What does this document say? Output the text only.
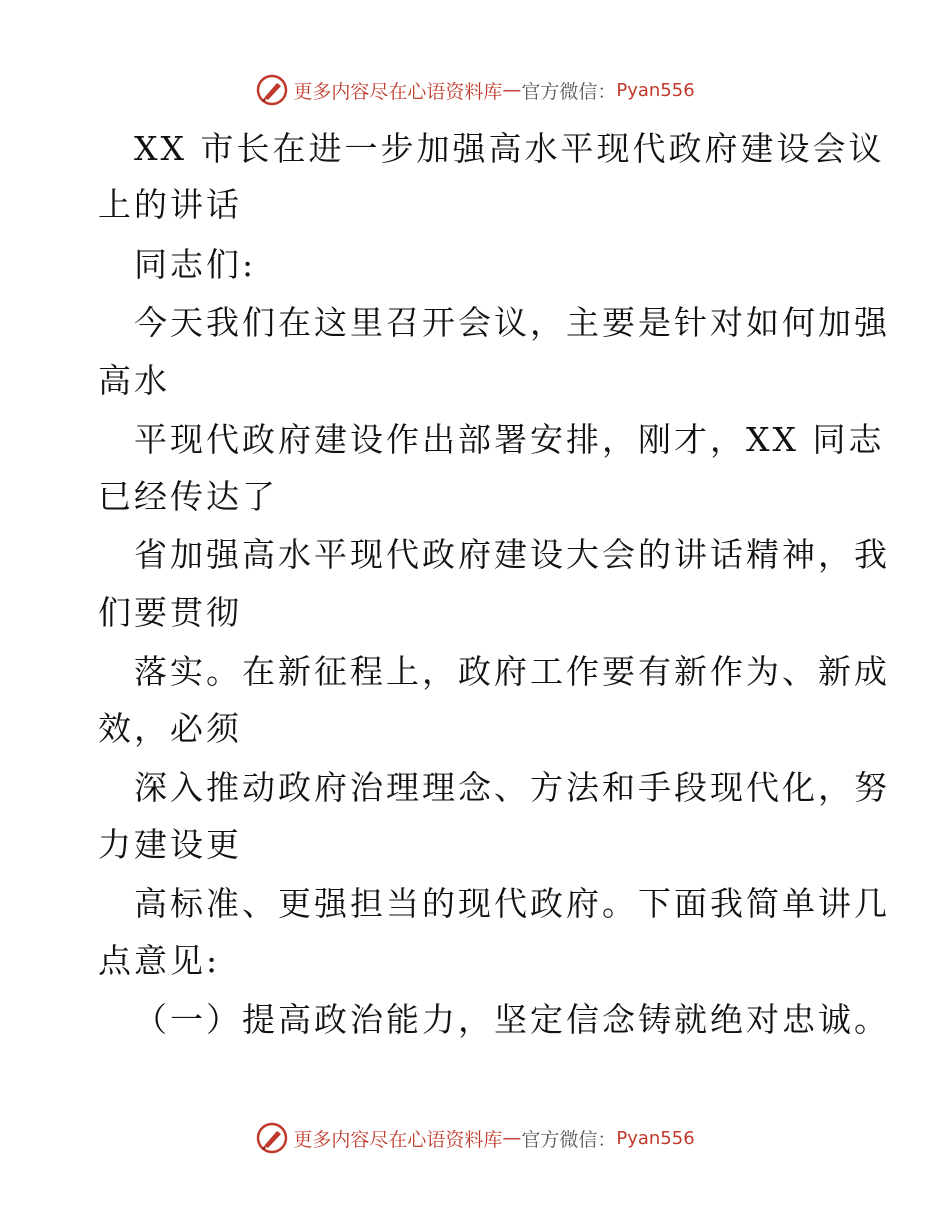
更多内容尽在心语资料库 — 官方微信： Pyan556
XX 市长在进一步加强高水平现代政府建设会议
上的讲话
同志们:
今天我们在这里召开会议，主要是针对如何加强
高水
平现代政府建设作出部署安排，刚才，XX 同志
已经传达了
省加强高水平现代政府建设大会的讲话精神，我
们要贯彻
落实。在新征程上，政府工作要有新作为、新成
效，必须
深入推动政府治理理念、方法和手段现代化，努
力建设更
高标准、更强担当的现代政府。下面我简单讲几
点意见:
（一）提高政治能力，坚定信念铸就绝对忠诚。
更多内容尽在心语资料库 — 官方微信： Pyan556
